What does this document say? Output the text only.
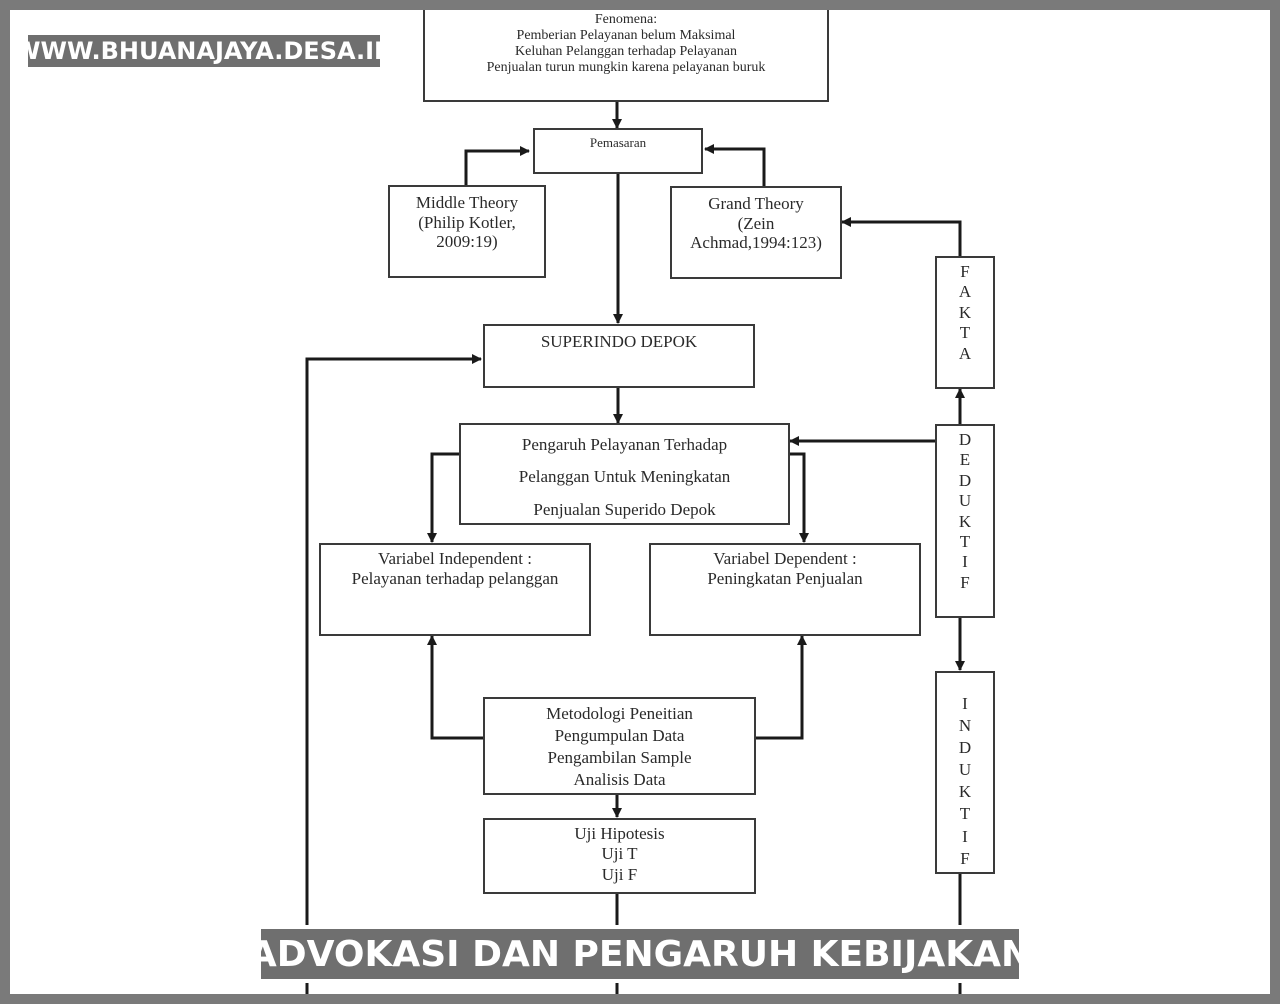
Fenomena:
Pemberian Pelayanan belum Maksimal
Keluhan Pelanggan terhadap Pelayanan
Penjualan turun mungkin karena pelayanan buruk
Pemasaran
Middle Theory
(Philip Kotler,
2009:19)
Grand Theory
(Zein
Achmad,1994:123)
SUPERINDO DEPOK
Pengaruh Pelayanan Terhadap
Pelanggan Untuk Meningkatan
Penjualan Superido Depok
Variabel Independent :
Pelayanan terhadap pelanggan
Variabel Dependent :
Peningkatan Penjualan
Metodologi Peneitian
Pengumpulan Data
Pengambilan Sample
Analisis Data
Uji Hipotesis
Uji T
Uji F
FAKTA
DEDUKTIF
INDUKTIF
WWW.BHUANAJAYA.DESA.ID
ADVOKASI DAN PENGARUH KEBIJAKAN
